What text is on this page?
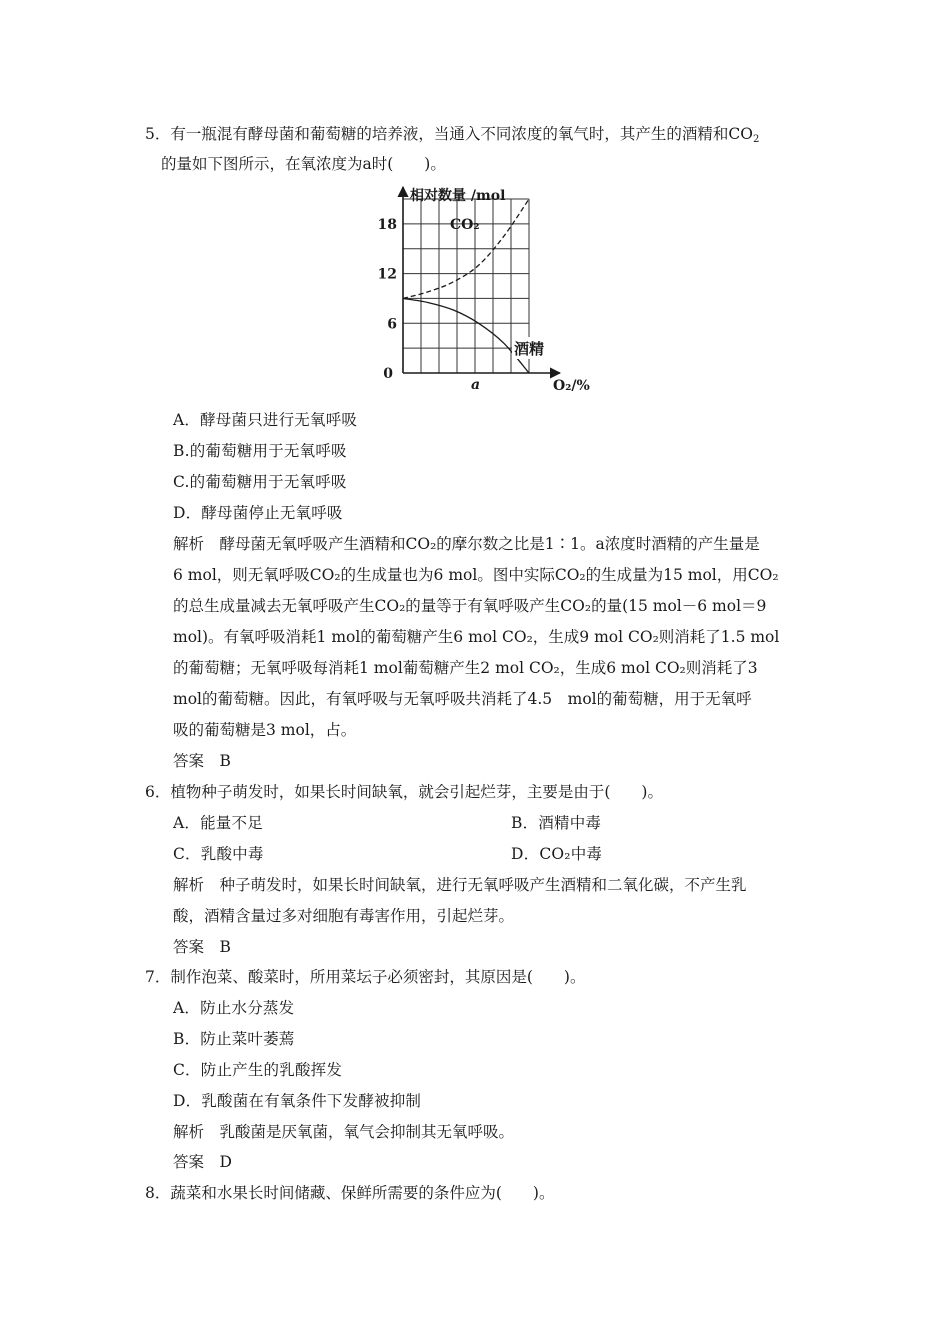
5．有一瓶混有酵母菌和葡萄糖的培养液，当通入不同浓度的氧气时，其产生的酒精和$CO_2$
的量如下图所示，在氧浓度为a时(　　)。
0
6
12
18
a
相对数量 /mol
O₂/%
CO₂
酒精
A．酵母菌只进行无氧呼吸
B.的葡萄糖用于无氧呼吸
C.的葡萄糖用于无氧呼吸
D．酵母菌停止无氧呼吸
解析  酵母菌无氧呼吸产生酒精和CO₂的摩尔数之比是1∶1。a浓度时酒精的产生量是
6 mol，则无氧呼吸CO₂的生成量也为6 mol。图中实际CO₂的生成量为15 mol，用CO₂
的总生成量减去无氧呼吸产生CO₂的量等于有氧呼吸产生CO₂的量(15 mol－6 mol＝9
mol)。有氧呼吸消耗1 mol的葡萄糖产生6 mol CO₂，生成9 mol CO₂则消耗了1.5 mol
的葡萄糖；无氧呼吸每消耗1 mol葡萄糖产生2 mol CO₂，生成6 mol CO₂则消耗了3
mol的葡萄糖。因此，有氧呼吸与无氧呼吸共消耗了4.5　mol的葡萄糖，用于无氧呼
吸的葡萄糖是3 mol，占。
答案  B
6．植物种子萌发时，如果长时间缺氧，就会引起烂芽，主要是由于(　　)。
A．能量不足	B．酒精中毒
C．乳酸中毒	D．CO₂中毒
解析  种子萌发时，如果长时间缺氧，进行无氧呼吸产生酒精和二氧化碳，不产生乳
酸，酒精含量过多对细胞有毒害作用，引起烂芽。
答案  B
7．制作泡菜、酸菜时，所用菜坛子必须密封，其原因是(　　)。
A．防止水分蒸发
B．防止菜叶萎蔫
C．防止产生的乳酸挥发
D．乳酸菌在有氧条件下发酵被抑制
解析  乳酸菌是厌氧菌，氧气会抑制其无氧呼吸。
答案  D
8．蔬菜和水果长时间储藏、保鲜所需要的条件应为(　　)。
